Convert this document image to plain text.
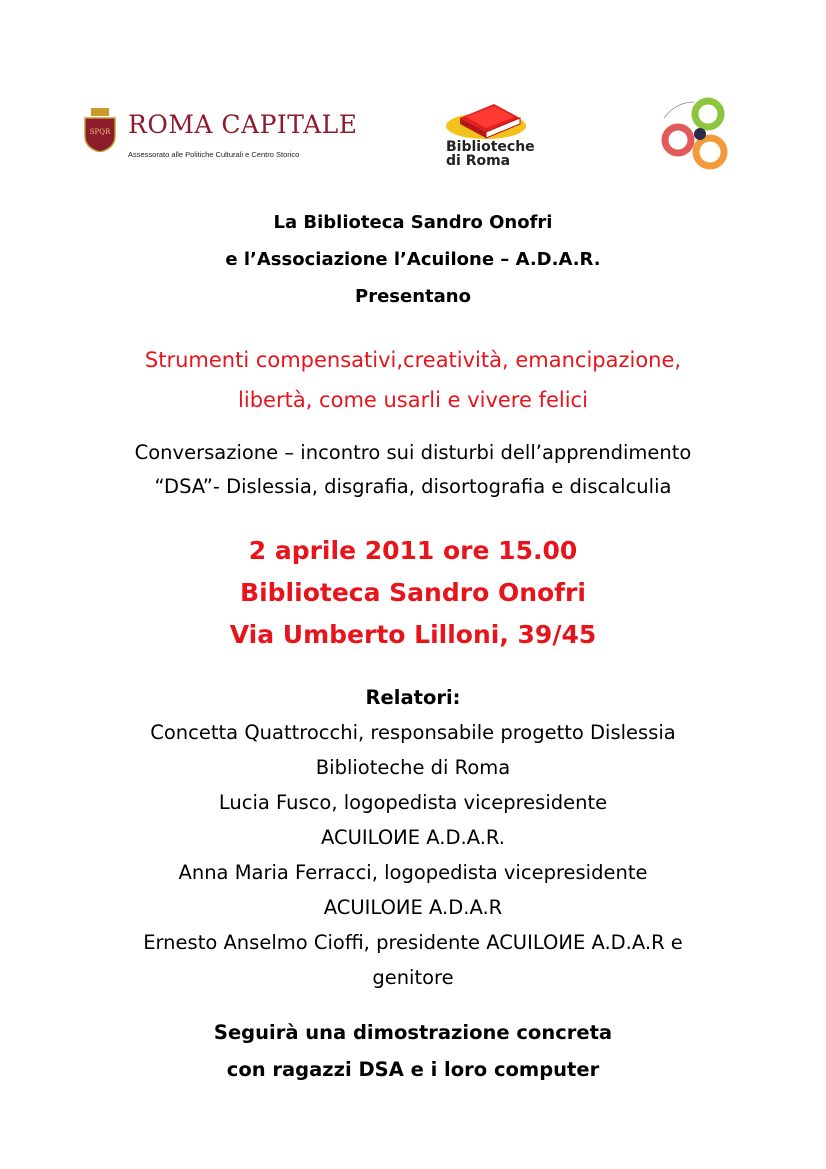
SPQR ROMA CAPITALE
Assessorato alle Politiche Culturali e Centro Storico	Biblioteche
di Roma
La Biblioteca Sandro Onofri
e l’Associazione l’Acuilone – A.D.A.R.
Presentano
Strumenti compensativi,creatività, emancipazione,
libertà, come usarli e vivere felici
Conversazione – incontro sui disturbi dell’apprendimento
“DSA”- Dislessia, disgrafia, disortografia e discalculia
2 aprile 2011 ore 15.00
Biblioteca Sandro Onofri
Via Umberto Lilloni, 39/45
Relatori:
Concetta Quattrocchi, responsabile progetto Dislessia
Biblioteche di Roma
Lucia Fusco, logopedista vicepresidente
ACUILOИE A.D.A.R.
Anna Maria Ferracci, logopedista vicepresidente
ACUILOИE A.D.A.R
Ernesto Anselmo Cioffi, presidente ACUILOИE A.D.A.R e
genitore
Seguirà una dimostrazione concreta
con ragazzi DSA e i loro computer
